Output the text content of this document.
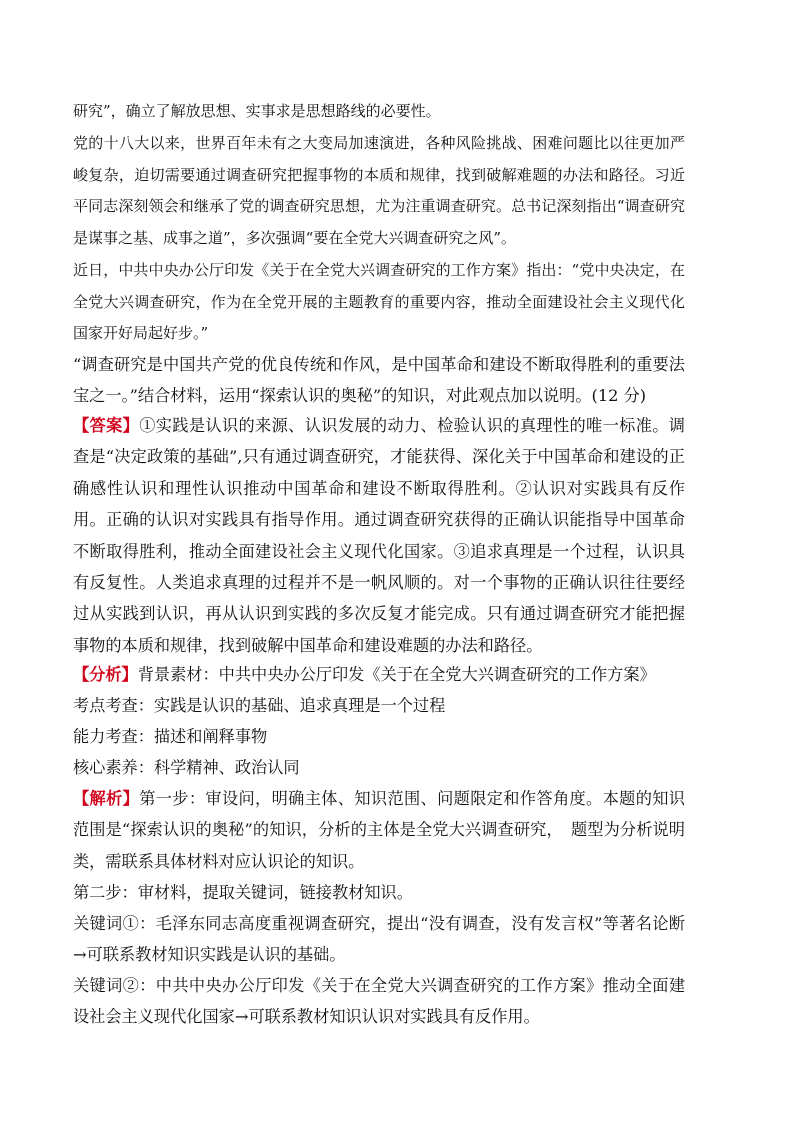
研究”，确立了解放思想、实事求是思想路线的必要性。

党的十八大以来，世界百年未有之大变局加速演进，各种风险挑战、困难问题比以往更加严峻复杂，迫切需要通过调查研究把握事物的本质和规律，找到破解难题的办法和路径。习近平同志深刻领会和继承了党的调查研究思想，尤为注重调查研究。总书记深刻指出“调查研究是谋事之基、成事之道”，多次强调“要在全党大兴调查研究之风”。

近日，中共中央办公厅印发《关于在全党大兴调查研究的工作方案》指出：“党中央决定，在全党大兴调查研究，作为在全党开展的主题教育的重要内容，推动全面建设社会主义现代化国家开好局起好步。”

“调查研究是中国共产党的优良传统和作风，是中国革命和建设不断取得胜利的重要法宝之一。”结合材料，运用“探索认识的奥秘”的知识，对此观点加以说明。(12 分)

【答案】①实践是认识的来源、认识发展的动力、检验认识的真理性的唯一标准。调查是“决定政策的基础”,只有通过调查研究，才能获得、深化关于中国革命和建设的正确感性认识和理性认识推动中国革命和建设不断取得胜利。②认识对实践具有反作用。正确的认识对实践具有指导作用。通过调查研究获得的正确认识能指导中国革命不断取得胜利，推动全面建设社会主义现代化国家。③追求真理是一个过程，认识具有反复性。人类追求真理的过程并不是一帆风顺的。对一个事物的正确认识往往要经过从实践到认识，再从认识到实践的多次反复才能完成。只有通过调查研究才能把握事物的本质和规律，找到破解中国革命和建设难题的办法和路径。

【分析】背景素材：中共中央办公厅印发《关于在全党大兴调查研究的工作方案》

考点考查：实践是认识的基础、追求真理是一个过程

能力考查：描述和阐释事物

核心素养：科学精神、政治认同

【解析】第一步：审设问，明确主体、知识范围、问题限定和作答角度。本题的知识范围是“探索认识的奥秘”的知识，分析的主体是全党大兴调查研究，　题型为分析说明类，需联系具体材料对应认识论的知识。

第二步：审材料，提取关键词，链接教材知识。

关键词①：毛泽东同志高度重视调查研究，提出“没有调查，没有发言权”等著名论断→可联系教材知识实践是认识的基础。

关键词②：中共中央办公厅印发《关于在全党大兴调查研究的工作方案》推动全面建设社会主义现代化国家→可联系教材知识认识对实践具有反作用。
